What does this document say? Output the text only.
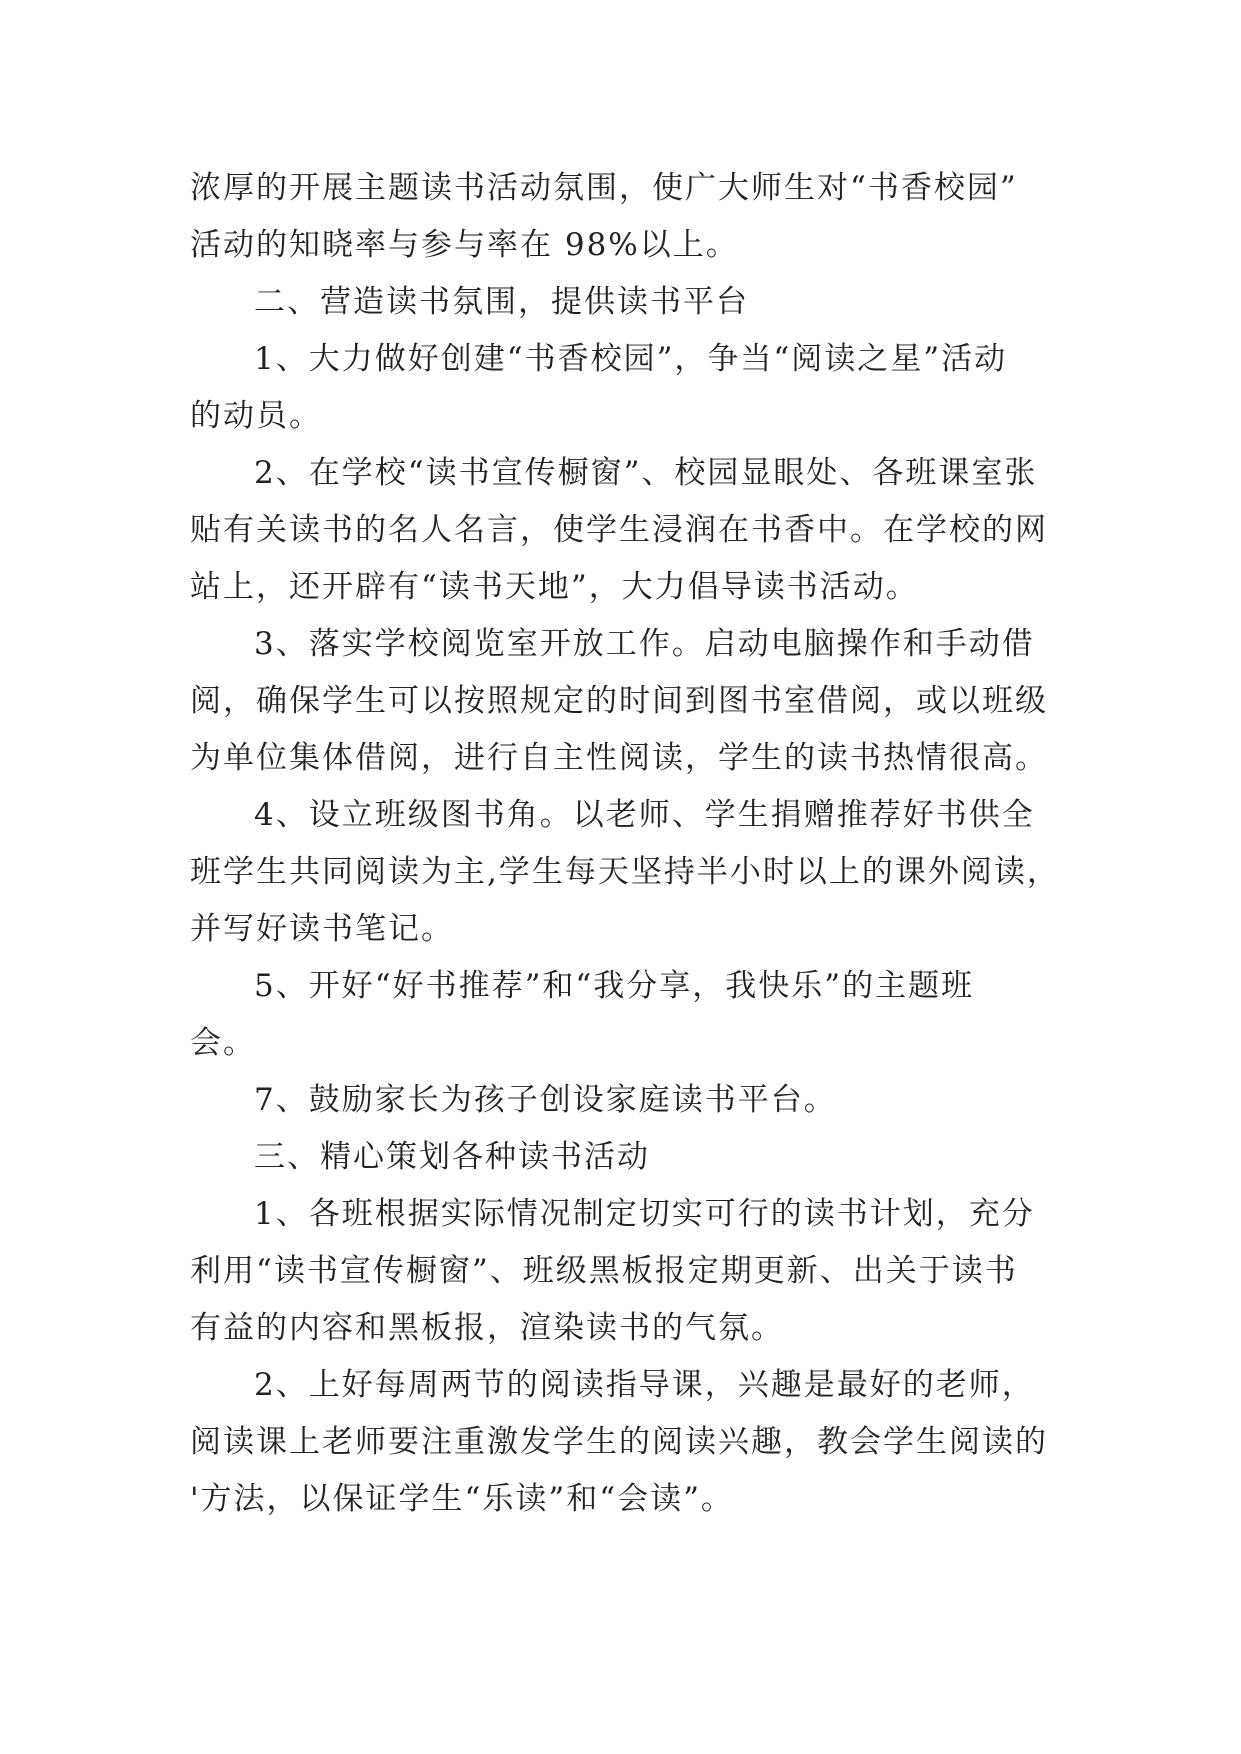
浓厚的开展主题读书活动氛围，使广大师生对“书香校园”
活动的知晓率与参与率在 98%以上。
二、营造读书氛围，提供读书平台
1、大力做好创建“书香校园”，争当“阅读之星”活动
的动员。
2、在学校“读书宣传橱窗”、校园显眼处、各班课室张
贴有关读书的名人名言，使学生浸润在书香中。在学校的网
站上，还开辟有“读书天地”，大力倡导读书活动。
3、落实学校阅览室开放工作。启动电脑操作和手动借
阅，确保学生可以按照规定的时间到图书室借阅，或以班级
为单位集体借阅，进行自主性阅读，学生的读书热情很高。
4、设立班级图书角。以老师、学生捐赠推荐好书供全
班学生共同阅读为主,学生每天坚持半小时以上的课外阅读，
并写好读书笔记。
5、开好“好书推荐”和“我分享，我快乐”的主题班
会。
7、鼓励家长为孩子创设家庭读书平台。
三、精心策划各种读书活动
1、各班根据实际情况制定切实可行的读书计划，充分
利用“读书宣传橱窗”、班级黑板报定期更新、出关于读书
有益的内容和黑板报，渲染读书的气氛。
2、上好每周两节的阅读指导课，兴趣是最好的老师，
阅读课上老师要注重激发学生的阅读兴趣，教会学生阅读的
'方法，以保证学生“乐读”和“会读”。
